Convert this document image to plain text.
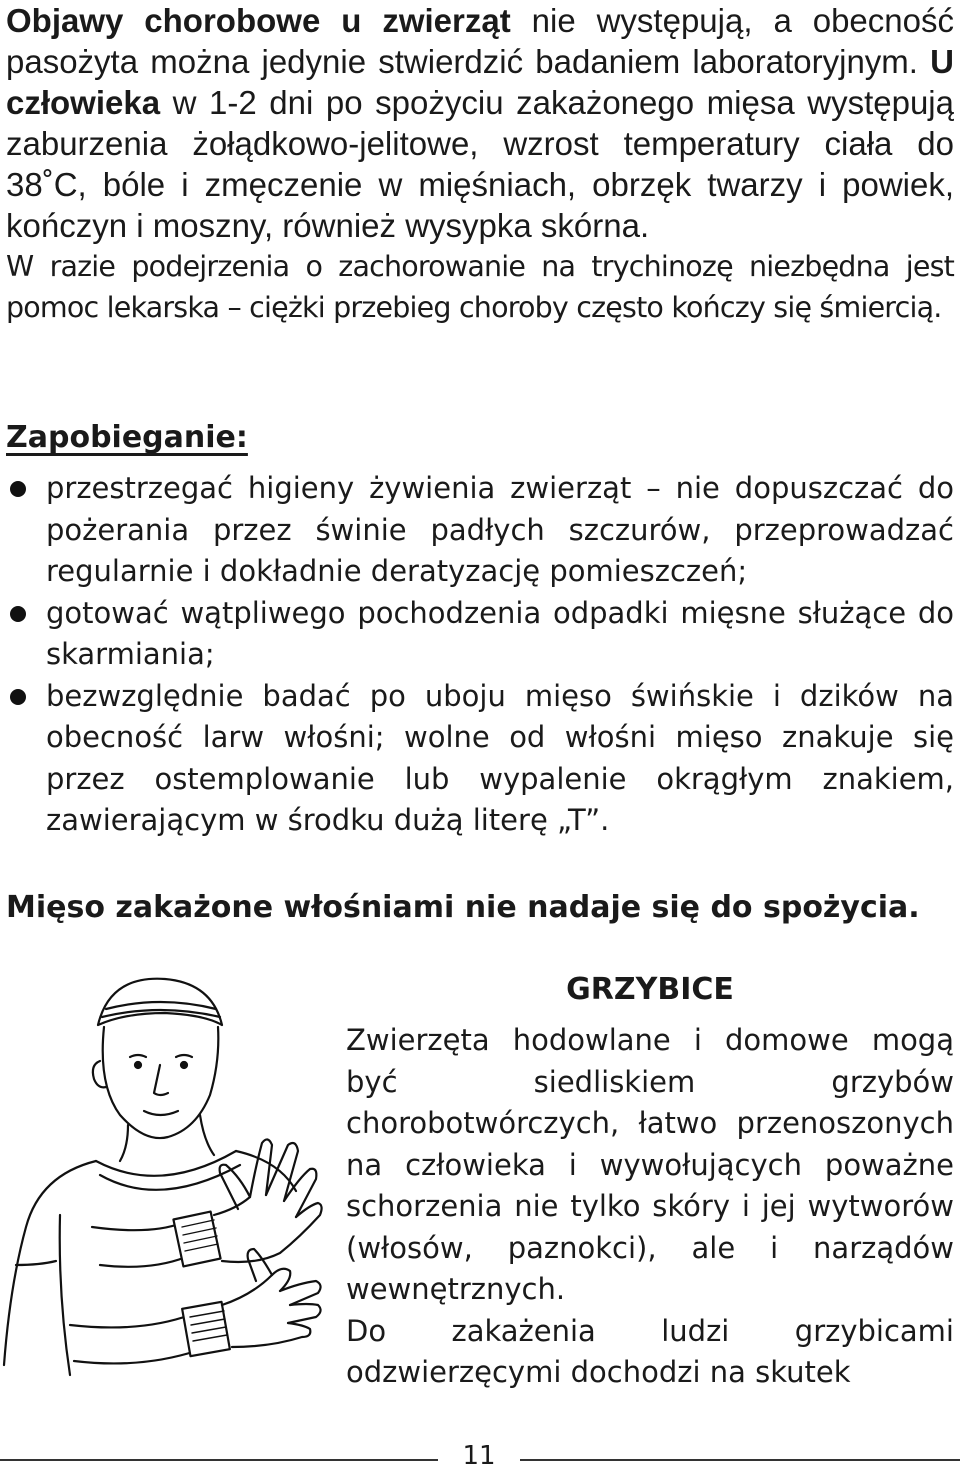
Objawy chorobowe u zwierząt nie występują, a obecność pasożyta można jedynie stwierdzić badaniem laboratoryjnym. U człowieka w 1-2 dni po spożyciu zakażonego mięsa występują zaburzenia żołądkowo-jelitowe, wzrost temperatury ciała do 38˚C, bóle i zmęczenie w mięśniach, obrzęk twarzy i powiek, kończyn i moszny, również wysypka skórna.

W razie podejrzenia o zachorowanie na trychinozę niezbędna jest pomoc lekarska – ciężki przebieg choroby często kończy się śmiercią.

Zapobieganie:
przestrzegać higieny żywienia zwierząt – nie dopuszczać do pożerania przez świnie padłych szczurów, przeprowadzać regularnie i dokładnie deratyzację pomieszczeń;
gotować wątpliwego pochodzenia odpadki mięsne służące do skarmiania;
bezwzględnie badać po uboju mięso świńskie i dzików na obecność larw włośni; wolne od włośni mięso znakuje się przez ostemplowanie lub wypalenie okrągłym znakiem, zawierającym w środku dużą literę „T”.

Mięso zakażone włośniami nie nadaje się do spożycia.

GRZYBICE

Zwierzęta hodowlane i domowe mogą być siedliskiem grzybów chorobotwórczych, łatwo przenoszonych na człowieka i wywołujących poważne schorzenia nie tylko skóry i jej wytworów (włosów, paznokci), ale i narządów wewnętrznych.
Do zakażenia ludzi grzybicami odzwierzęcymi dochodzi na skutek

11
